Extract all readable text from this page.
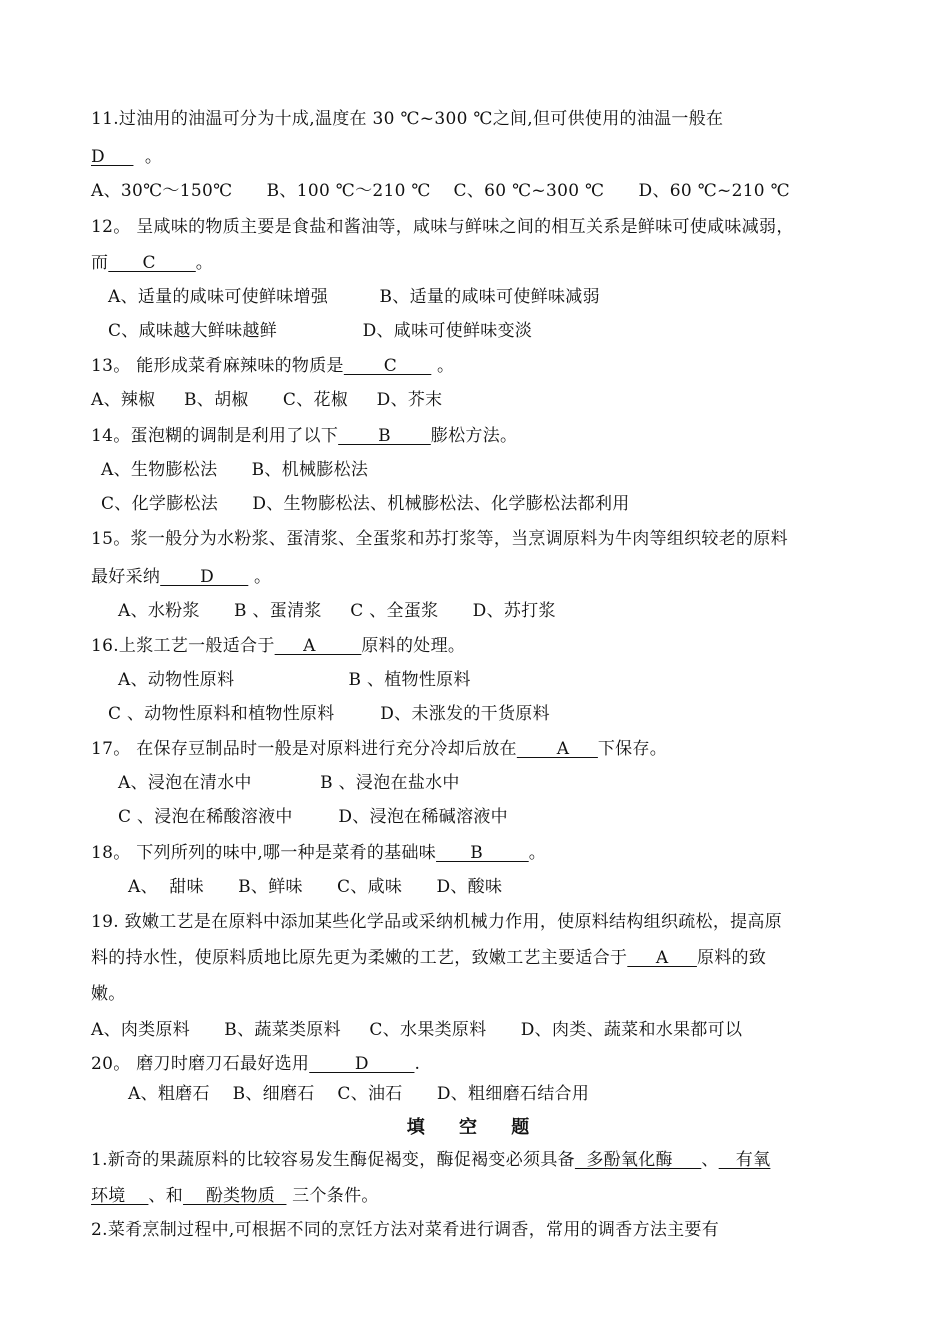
11.过油用的油温可分为十成,温度在 30 ℃~300 ℃之间,但可供使用的油温一般在
D       。
A、30℃～150℃      B、100 ℃～210 ℃    C、60 ℃~300 ℃      D、60 ℃~210 ℃
12。 呈咸味的物质主要是食盐和酱油等，咸味与鲜味之间的相互关系是鲜味可使咸味减弱，
而      C       。
A、适量的咸味可使鲜味增强         B、适量的咸味可使鲜味减弱
C、咸味越大鲜味越鲜               D、咸味可使鲜味变淡
13。 能形成菜肴麻辣味的物质是       C       。
A、辣椒     B、胡椒      C、花椒     D、芥末
14。蛋泡糊的调制是利用了以下       B       膨松方法。
A、生物膨松法      B、机械膨松法
C、化学膨松法      D、生物膨松法、机械膨松法、化学膨松法都利用
15。浆一般分为水粉浆、蛋清浆、全蛋浆和苏打浆等，当烹调原料为牛肉等组织较老的原料
最好采纳       D       。
A、水粉浆      B 、蛋清浆     C 、全蛋浆      D、苏打浆
16.上浆工艺一般适合于     A        原料的处理。
A、动物性原料                    B 、植物性原料
C 、动物性原料和植物性原料        D、未涨发的干货原料
17。 在保存豆制品时一般是对原料进行充分冷却后放在       A     下保存。
A、浸泡在清水中            B 、浸泡在盐水中
C 、浸泡在稀酸溶液中        D、浸泡在稀碱溶液中
18。 下列所列的味中,哪一种是菜肴的基础味      B        。
A、  甜味      B、鲜味      C、咸味      D、酸味
19. 致嫩工艺是在原料中添加某些化学品或采纳机械力作用，使原料结构组织疏松，提高原
料的持水性，使原料质地比原先更为柔嫩的工艺，致嫩工艺主要适合于     A     原料的致
嫩。
A、肉类原料      B、蔬菜类原料     C、水果类原料      D、肉类、蔬菜和水果都可以
20。 磨刀时磨刀石最好选用        D        .
A、粗磨石    B、细磨石    C、油石      D、粗细磨石结合用
1.新奇的果蔬原料的比较容易发生酶促褐变，酶促褐变必须具备  多酚氧化酶     、   有氧
环境    、和    酚类物质   三个条件。
2.菜肴烹制过程中,可根据不同的烹饪方法对菜肴进行调香，常用的调香方法主要有
填 空 题
